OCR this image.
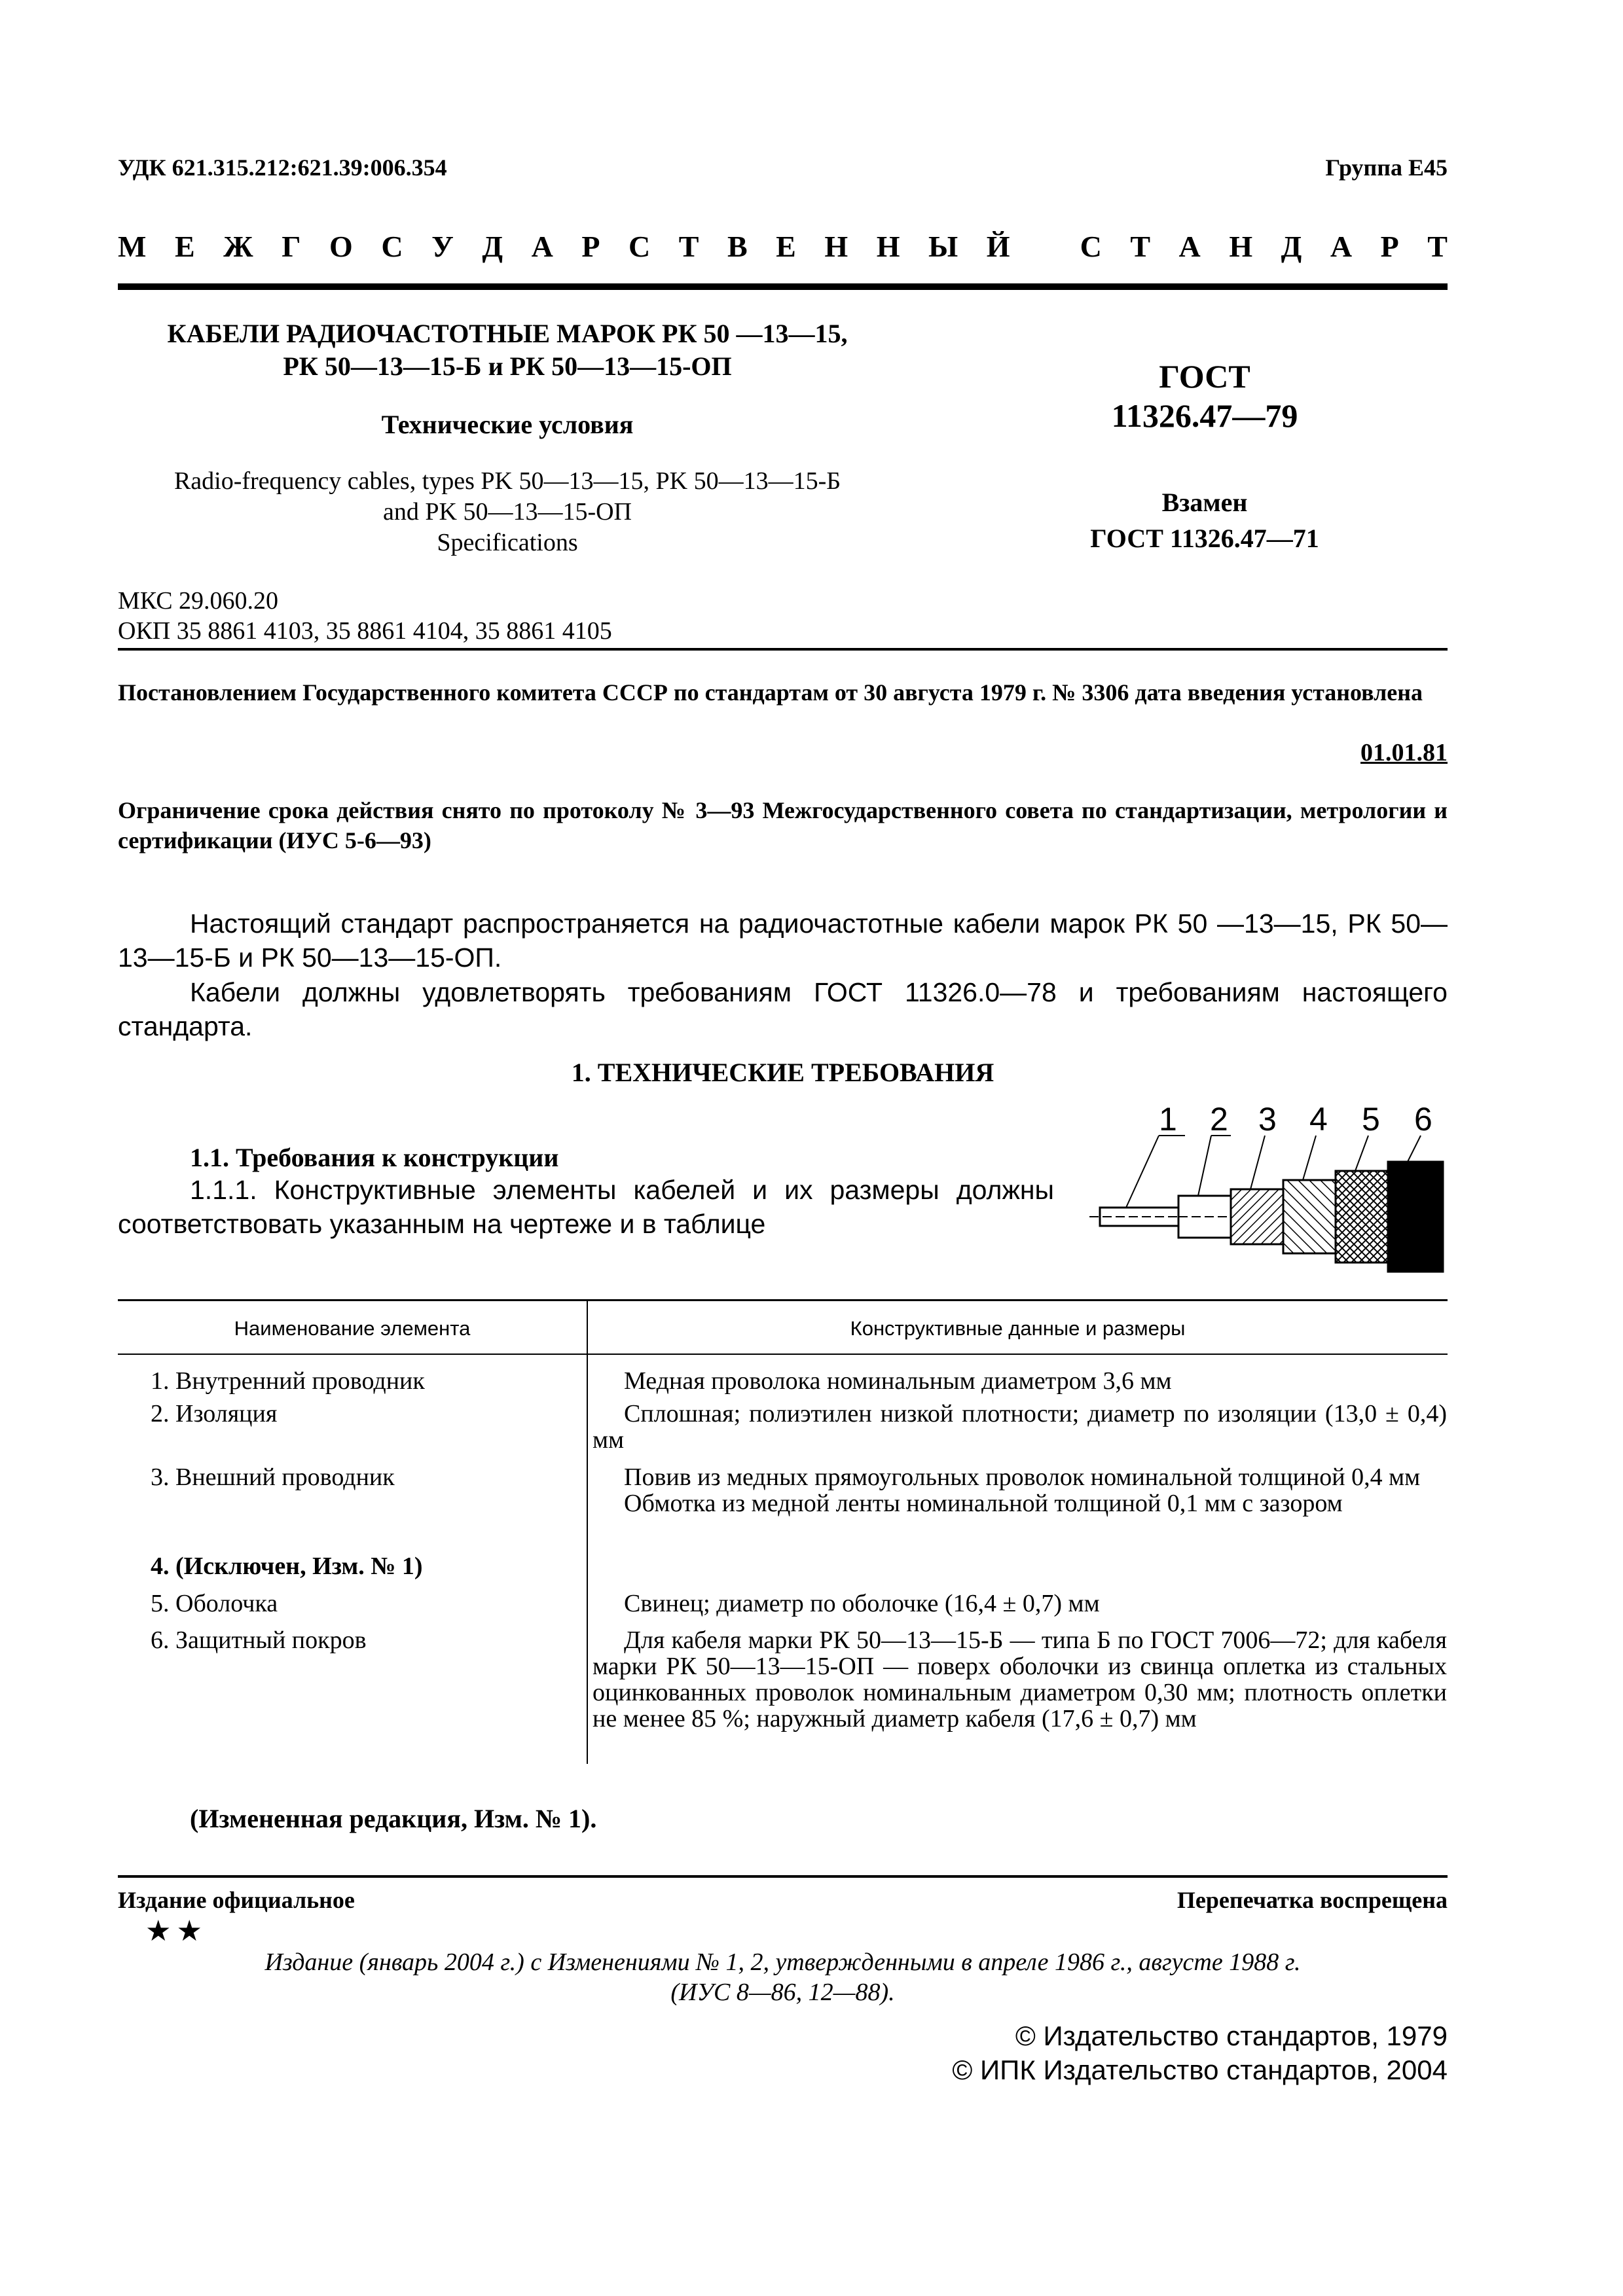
УДК 621.315.212:621.39:006.354	Группа Е45
М Е Ж Г О С У Д А Р С Т В Е Н Н Ы Й С Т А Н Д А Р Т
КАБЕЛИ РАДИОЧАСТОТНЫЕ МАРОК РК 50 —13—15,
РК 50—13—15-Б и РК 50—13—15-ОП
Технические условия
Radio-frequency cables, types PK 50—13—15, PK 50—13—15-Б
and PK 50—13—15-ОП
Specifications
ГОСТ
11326.47—79
Взамен
ГОСТ 11326.47—71
МКС 29.060.20
ОКП 35 8861 4103, 35 8861 4104, 35 8861 4105
Постановлением Государственного комитета СССР по стандартам от 30 августа 1979 г. № 3306 дата введения установлена
01.01.81
Ограничение срока действия снято по протоколу № 3—93 Межгосударственного совета по стандартизации, метрологии и сертификации (ИУС 5-6—93)
Настоящий стандарт распространяется на радиочастотные кабели марок РК 50 —13—15, РК 50—13—15-Б и РК 50—13—15-ОП.
Кабели должны удовлетворять требованиям ГОСТ 11326.0—78 и требованиям настоящего стандарта.
1. ТЕХНИЧЕСКИЕ ТРЕБОВАНИЯ
1.1. Требования к конструкции
1.1.1. Конструктивные элементы кабелей и их размеры должны соответствовать указанным на чертеже и в таблице
1 2 3 4 5 6
Наименование элемента	Конструктивные данные и размеры
1. Внутренний проводник	Медная проволока номинальным диаметром 3,6 мм
2. Изоляция	Сплошная; полиэтилен низкой плотности; диаметр по изоляции (13,0 ± 0,4) мм
3. Внешний проводник	Повив из медных прямоугольных проволок номинальной толщиной 0,4 мм
Обмотка из медной ленты номинальной толщиной 0,1 мм с зазором
4. (Исключен, Изм. № 1)
5. Оболочка	Свинец; диаметр по оболочке (16,4 ± 0,7) мм
6. Защитный покров	Для кабеля марки РК 50—13—15-Б — типа Б по ГОСТ 7006—72; для кабеля марки РК 50—13—15-ОП — поверх оболочки из свинца оплетка из стальных оцинкованных проволок номинальным диаметром 0,30 мм; плотность оплетки не менее 85 %; наружный диаметр кабеля (17,6 ± 0,7) мм
(Измененная редакция, Изм. № 1).
Издание официальное	Перепечатка воспрещена
★★
Издание (январь 2004 г.) с Изменениями № 1, 2, утвержденными в апреле 1986 г., августе 1988 г.
(ИУС 8—86, 12—88).
© Издательство стандартов, 1979
© ИПК Издательство стандартов, 2004
